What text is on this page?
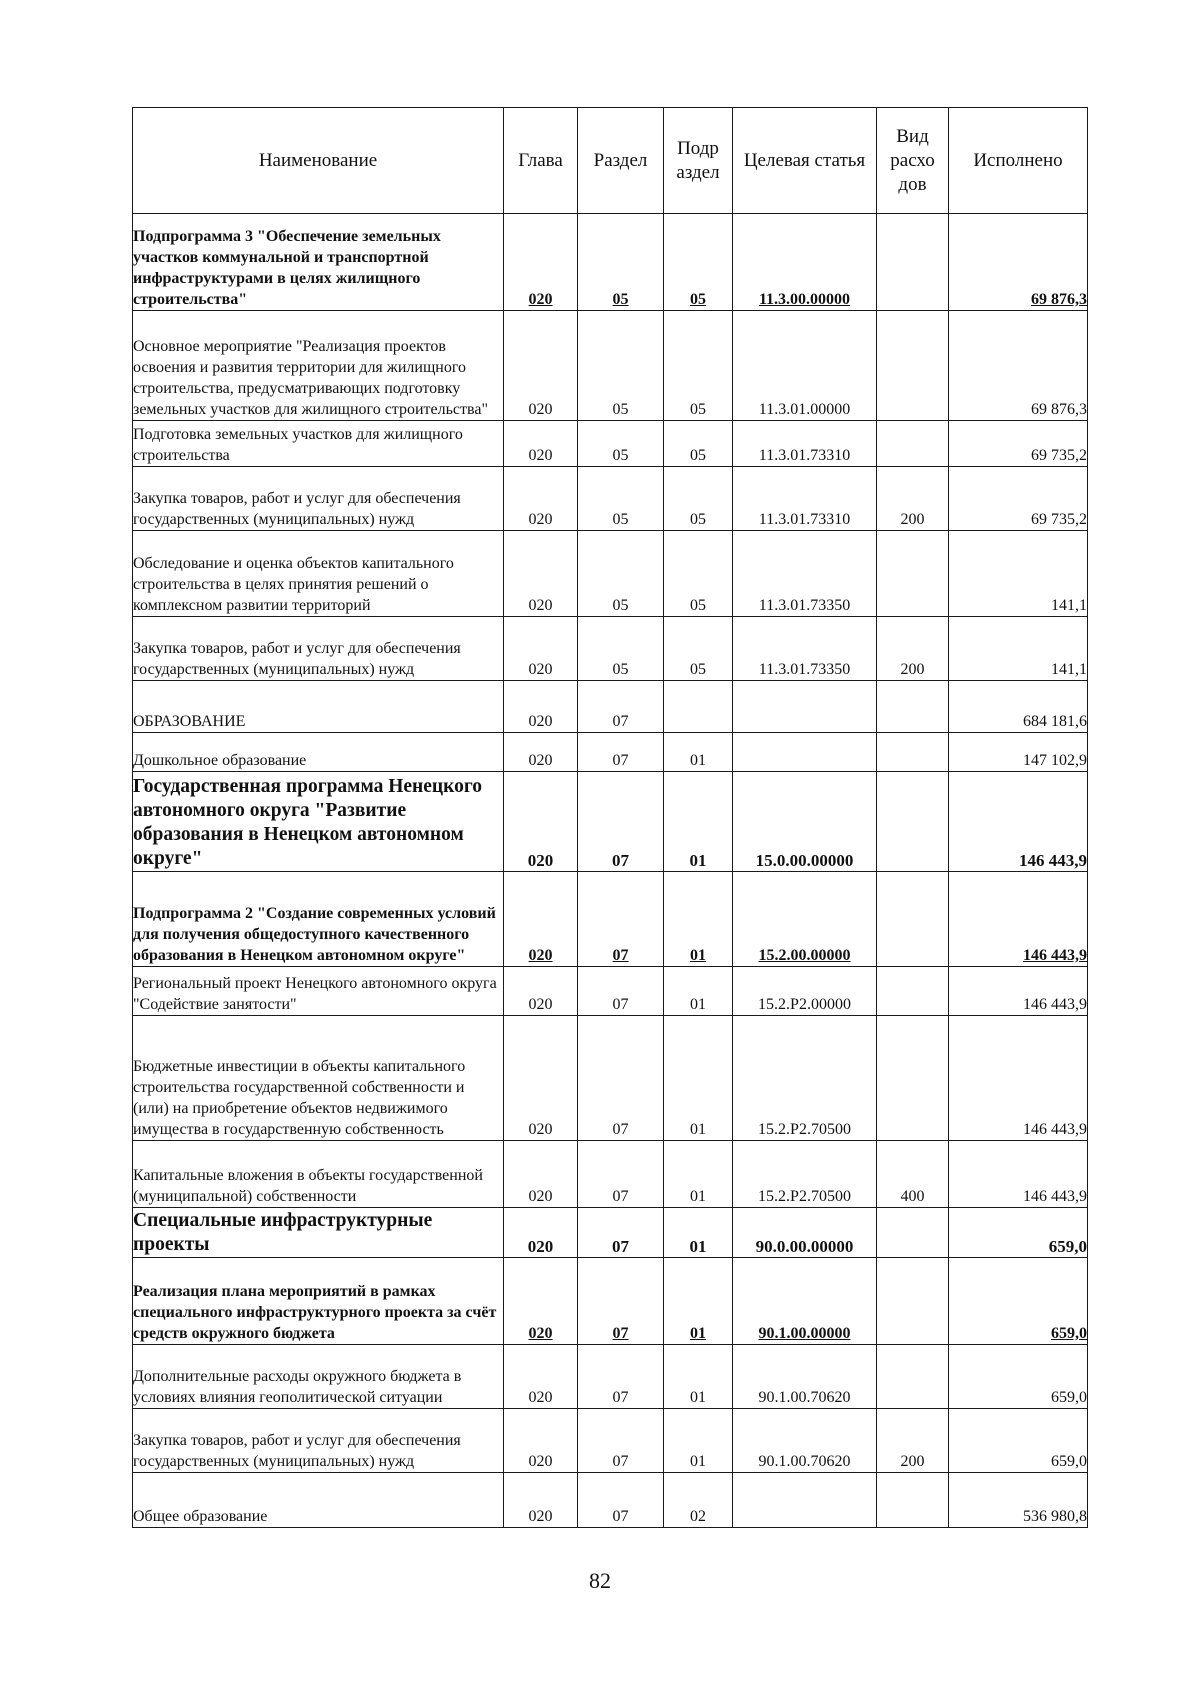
Наименование	Глава	Раздел	Подр аздел	Целевая статья	Вид расхо дов	Исполнено
Подпрограмма 3 "Обеспечение земельных участков коммунальной и транспортной инфраструктурами в целях жилищного строительства"	020	05	05	11.3.00.00000		69 876,3
Основное мероприятие "Реализация проектов освоения и развития территории для жилищного строительства, предусматривающих подготовку земельных участков для жилищного строительства"	020	05	05	11.3.01.00000		69 876,3
Подготовка земельных участков для жилищного строительства	020	05	05	11.3.01.73310		69 735,2
Закупка товаров, работ и услуг для обеспечения государственных (муниципальных) нужд	020	05	05	11.3.01.73310	200	69 735,2
Обследование и оценка объектов капитального строительства в целях принятия решений о комплексном развитии территорий	020	05	05	11.3.01.73350		141,1
Закупка товаров, работ и услуг для обеспечения государственных (муниципальных) нужд	020	05	05	11.3.01.73350	200	141,1
ОБРАЗОВАНИЕ	020	07				684 181,6
Дошкольное образование	020	07	01			147 102,9
Государственная программа Ненецкого автономного округа "Развитие образования в Ненецком автономном округе"	020	07	01	15.0.00.00000		146 443,9
Подпрограмма 2 "Создание современных условий для получения общедоступного качественного образования в Ненецком автономном округе"	020	07	01	15.2.00.00000		146 443,9
Региональный проект Ненецкого автономного округа "Содействие занятости"	020	07	01	15.2.P2.00000		146 443,9
Бюджетные инвестиции в объекты капитального строительства государственной собственности и (или) на приобретение объектов недвижимого имущества в государственную собственность	020	07	01	15.2.P2.70500		146 443,9
Капитальные вложения в объекты государственной (муниципальной) собственности	020	07	01	15.2.P2.70500	400	146 443,9
Специальные инфраструктурные проекты	020	07	01	90.0.00.00000		659,0
Реализация плана мероприятий в рамках специального инфраструктурного проекта за счёт средств окружного бюджета	020	07	01	90.1.00.00000		659,0
Дополнительные расходы окружного бюджета в условиях влияния геополитической ситуации	020	07	01	90.1.00.70620		659,0
Закупка товаров, работ и услуг для обеспечения государственных (муниципальных) нужд	020	07	01	90.1.00.70620	200	659,0
Общее образование	020	07	02			536 980,8
82
